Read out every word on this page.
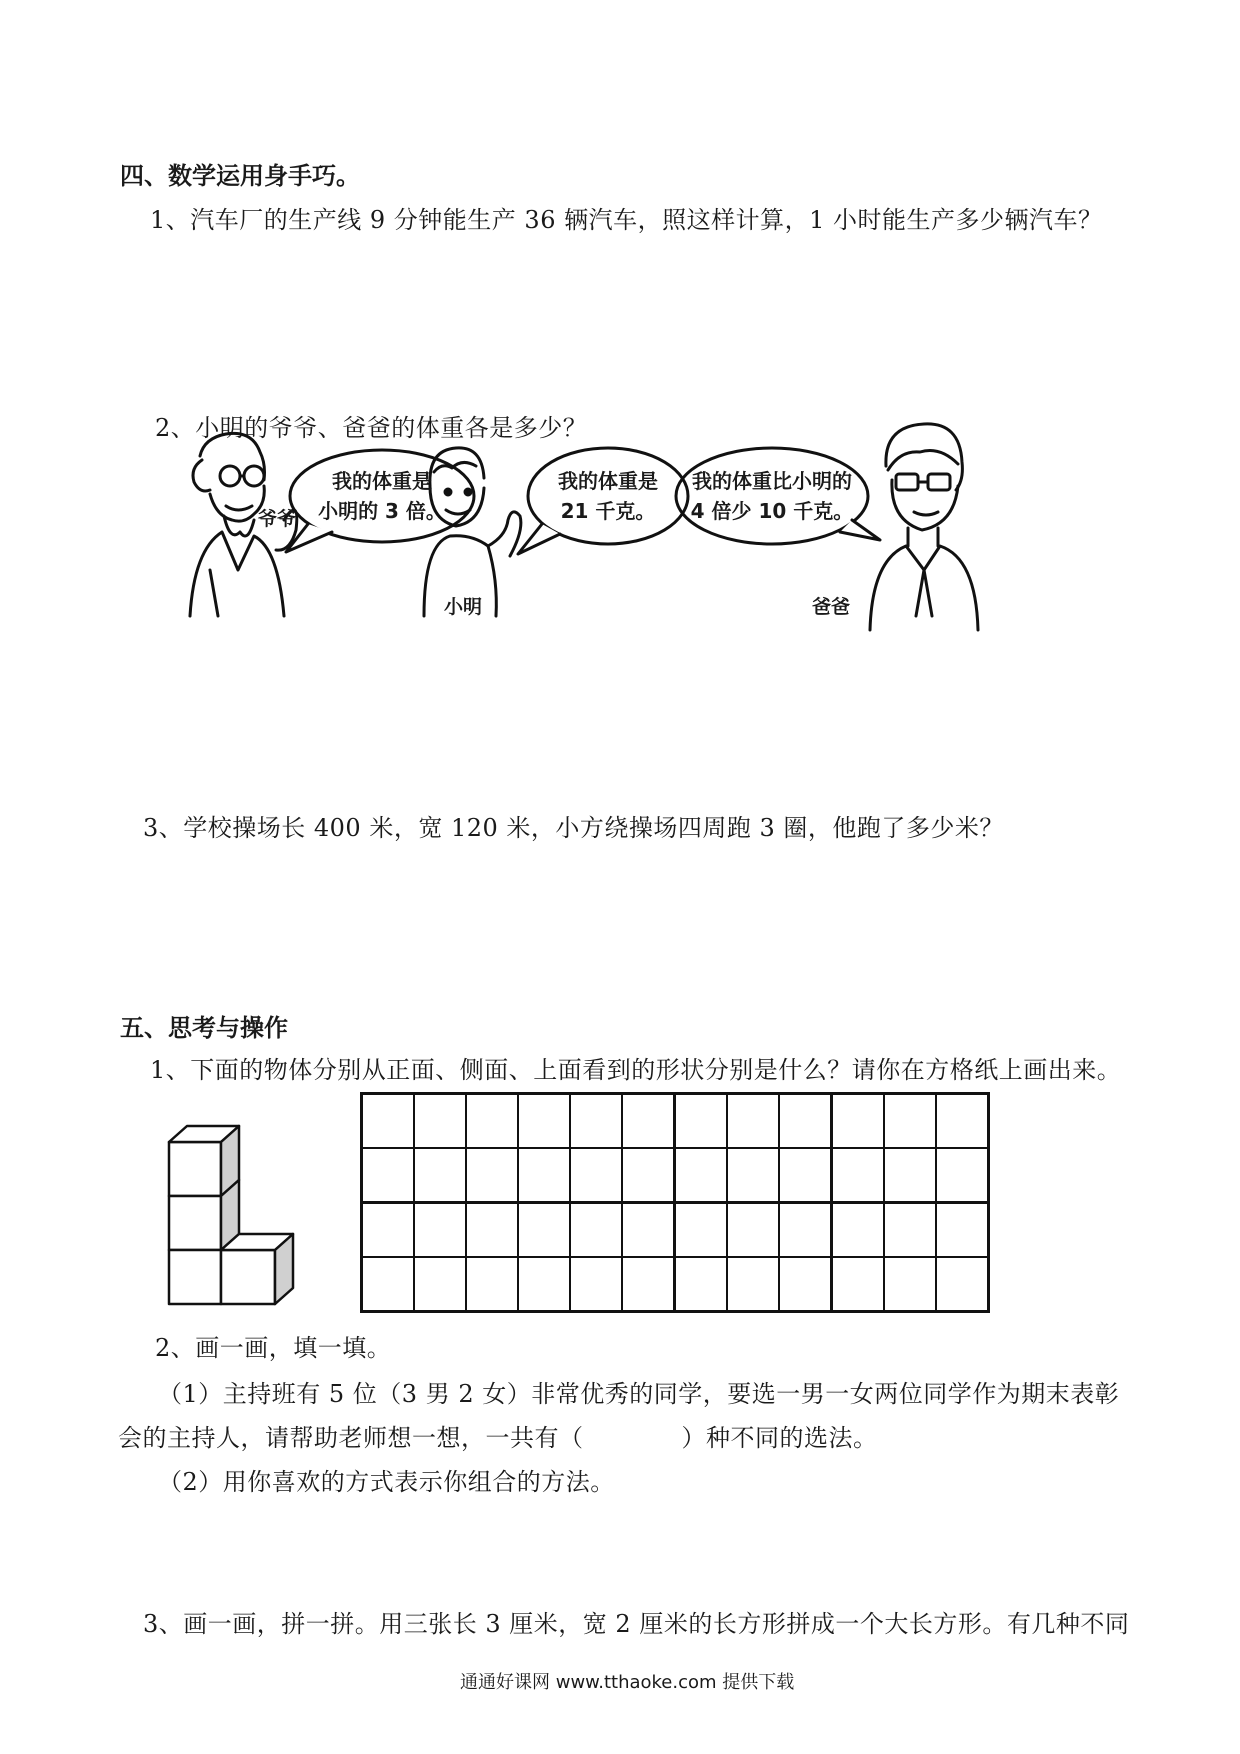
四、数学运用身手巧。
1、汽车厂的生产线 9 分钟能生产 36 辆汽车，照这样计算，1 小时能生产多少辆汽车？
2、小明的爷爷、爸爸的体重各是多少？
我的体重是
小明的 3 倍。
爷爷
我的体重是
21 千克。
小明
我的体重比小明的
4 倍少 10 千克。
爸爸
3、学校操场长 400 米，宽 120 米，小方绕操场四周跑 3 圈，他跑了多少米？
五、思考与操作
1、下面的物体分别从正面、侧面、上面看到的形状分别是什么？请你在方格纸上画出来。

2、画一画，填一填。
（1）主持班有 5 位（3 男 2 女）非常优秀的同学，要选一男一女两位同学作为期末表彰
会的主持人，请帮助老师想一想，一共有（　　　　）种不同的选法。
（2）用你喜欢的方式表示你组合的方法。
3、画一画，拼一拼。用三张长 3 厘米，宽 2 厘米的长方形拼成一个大长方形。有几种不同
通通好课网 www.tthaoke.com 提供下载
